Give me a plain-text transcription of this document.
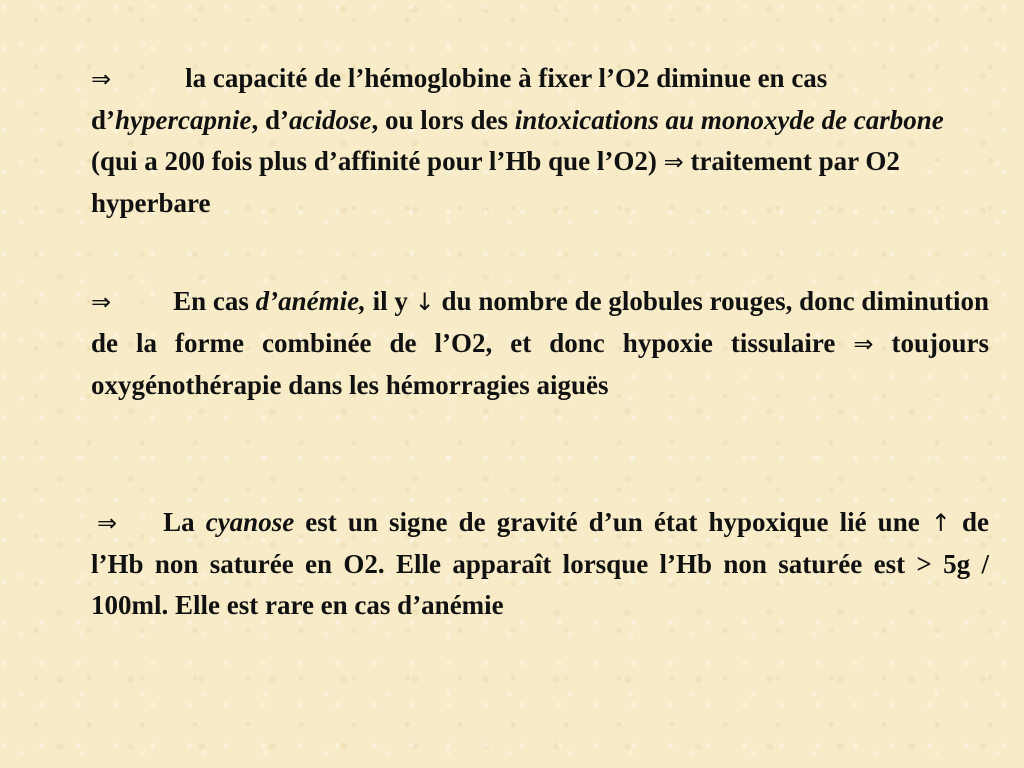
⇒	la capacité de l’hémoglobine à fixer l’O2 diminue en cas d’hypercapnie, d’acidose, ou lors des intoxications au monoxyde de carbone (qui a 200 fois plus d’affinité pour l’Hb que l’O2) ⇒ traitement par O2 hyperbare

⇒ En cas d’anémie, il y ↓ du nombre de globules rouges, donc diminution de la forme combinée de l’O2, et donc hypoxie tissulaire ⇒ toujours oxygénothérapie dans les hémorragies aiguës

⇒ La cyanose est un signe de gravité d’un état hypoxique lié une ↑ de l’Hb non saturée en O2. Elle apparaît lorsque l’Hb non saturée est > 5g / 100ml. Elle est rare en cas d’anémie
